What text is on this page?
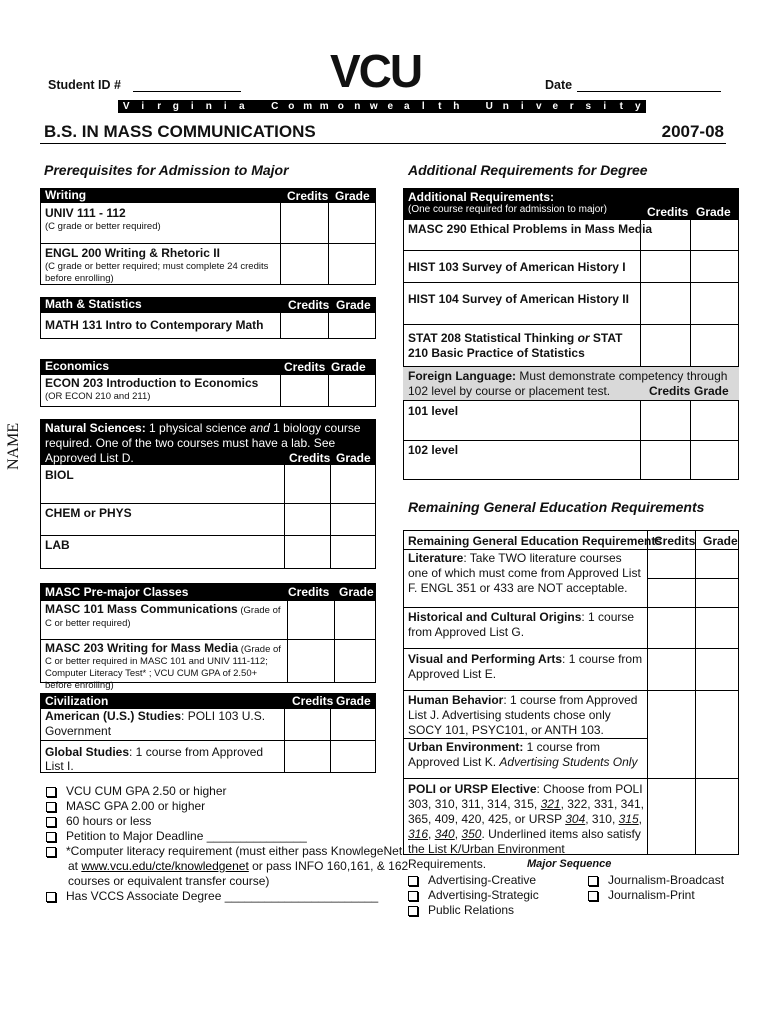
Student ID #	VCU	Date
V	i	r	g	i	n	i	a	C o m m o	n w e	a	l	t	h	U n	i	v	e	r	s	i	t	y
B.S. IN MASS COMMUNICATIONS	2007-08
NAME
Prerequisites for Admission to Major	Additional Requirements for Degree
Writing	Credits Grade
UNIV 111 - 112
(C grade or better required)
ENGL 200 Writing & Rhetoric II
(C grade or better required; must complete 24 credits before enrolling)
Math & Statistics	Credits Grade
MATH 131 Intro to Contemporary Math
Economics	Credits Grade
ECON 203 Introduction to Economics
(OR ECON 210 and 211)
Natural Sciences: 1 physical science and 1 biology course required. One of the two courses must have a lab. See Approved List D.	Credits Grade
BIOL
CHEM or PHYS
LAB
MASC Pre-major Classes	Credits Grade
MASC 101 Mass Communications (Grade of C or better required)
MASC 203 Writing for Mass Media (Grade of C or better required in MASC 101 and UNIV 111-112; Computer Literacy Test* ; VCU CUM GPA of 2.50+ before enrolling)
Civilization	Credits Grade
American (U.S.) Studies: POLI 103 U.S. Government
Global Studies: 1 course from Approved List I.
VCU CUM GPA 2.50 or higher
MASC GPA 2.00 or higher
60 hours or less
Petition to Major Deadline _______________
*Computer literacy requirement (must either pass KnowlegeNet
at www.vcu.edu/cte/knowledgenet or pass INFO 160,161, & 162
courses or equivalent transfer course)
Has VCCS Associate Degree _______________________
Additional Requirements:
(One course required for admission to major)	Credits Grade
MASC 290 Ethical Problems in Mass Media
HIST 103 Survey of American History I
HIST 104 Survey of American History II
STAT 208 Statistical Thinking or STAT 210 Basic Practice of Statistics
Foreign Language: Must demonstrate competency through 102 level by course or placement test.	Credits Grade
101 level
102 level
Remaining General Education Requirements
Remaining General Education Requirements
Credits Grade
Literature: Take TWO literature courses one of which must come from Approved List F. ENGL 351 or 433 are NOT acceptable.
Historical and Cultural Origins: 1 course from Approved List G.
Visual and Performing Arts: 1 course from Approved List E.
Human Behavior: 1 course from Approved List J. Advertising students chose only SOCY 101, PSYC101, or ANTH 103.
Urban Environment: 1 course from Approved List K. Advertising Students Only
POLI or URSP Elective: Choose from POLI 303, 310, 311, 314, 315, 321, 322, 331, 341, 365, 409, 420, 425, or URSP 304, 310, 315, 316, 340, 350. Underlined items also satisfy the List K/Urban Environment Requirements.	Major Sequence
Advertising-Creative
Advertising-Strategic
Public Relations
Journalism-Broadcast
Journalism-Print
